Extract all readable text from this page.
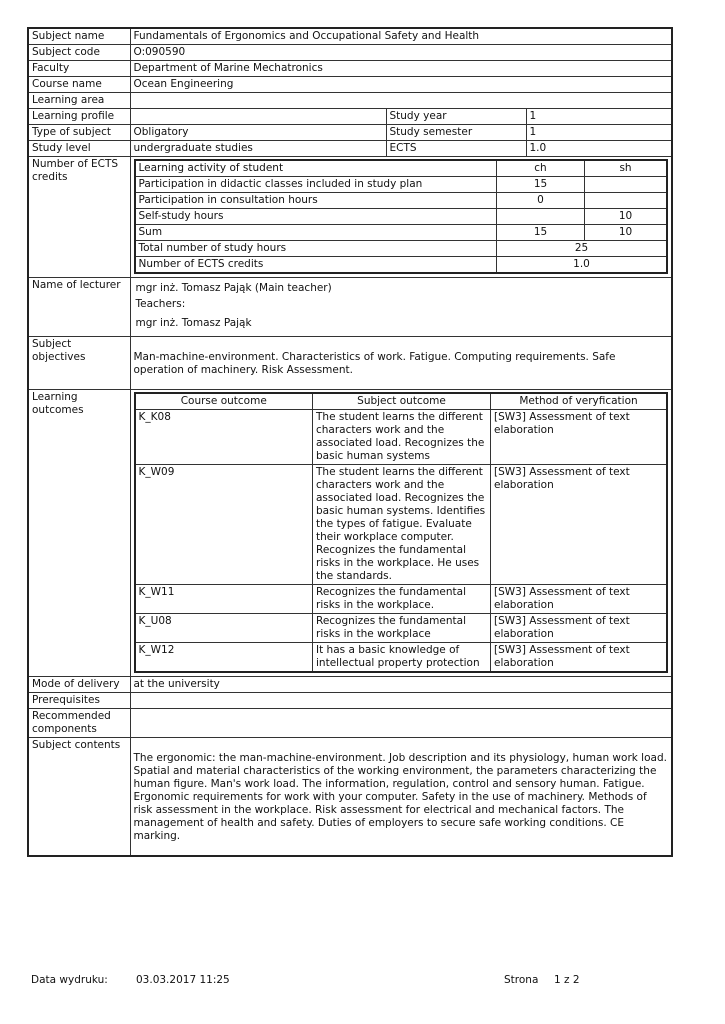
Subject name	Fundamentals of Ergonomics and Occupational Safety and Health
Subject code	O:090590
Faculty	Department of Marine Mechatronics
Course name	Ocean Engineering
Learning area	
Learning profile		Study year	1
Type of subject	Obligatory	Study semester	1
Study level	undergraduate studies	ECTS	1.0
Number of ECTS credits	
Learning activity of student	ch	sh
Participation in didactic classes included in study plan	15	
Participation in consultation hours	0	
Self-study hours		10
Sum	15	10
Total number of study hours	25
Number of ECTS credits	1.0

Name of lecturer	mgr inż. Tomasz Pająk (Main teacher)
Teachers:
mgr inż. Tomasz Pająk

Subject objectives	Man-machine-environment. Characteristics of work. Fatigue. Computing requirements. Safe operation of machinery. Risk Assessment.

Learning outcomes	
Course outcome	Subject outcome	Method of veryfication
K_K08	The student learns the different characters work and the associated load. Recognizes the basic human systems	[SW3] Assessment of text elaboration
K_W09	The student learns the different characters work and the associated load. Recognizes the basic human systems. Identifies the types of fatigue. Evaluate their workplace computer. Recognizes the fundamental risks in the workplace. He uses the standards.	[SW3] Assessment of text elaboration
K_W11	Recognizes the fundamental risks in the workplace.	[SW3] Assessment of text elaboration
K_U08	Recognizes the fundamental risks in the workplace	[SW3] Assessment of text elaboration
K_W12	It has a basic knowledge of intellectual property protection	[SW3] Assessment of text elaboration

Mode of delivery	at the university
Prerequisites	
Recommended components	
Subject contents	
The ergonomic: the man-machine-environment. Job description and its physiology, human work load. Spatial and material characteristics of the working environment, the parameters characterizing the human figure. Man's work load. The information, regulation, control and sensory human. Fatigue. Ergonomic requirements for work with your computer. Safety in the use of machinery. Methods of risk assessment in the workplace. Risk assessment for electrical and mechanical factors. The management of health and safety. Duties of employers to secure safe working conditions. CE marking.
Data wydruku:	03.03.2017 11:25	Strona 1 z 2
